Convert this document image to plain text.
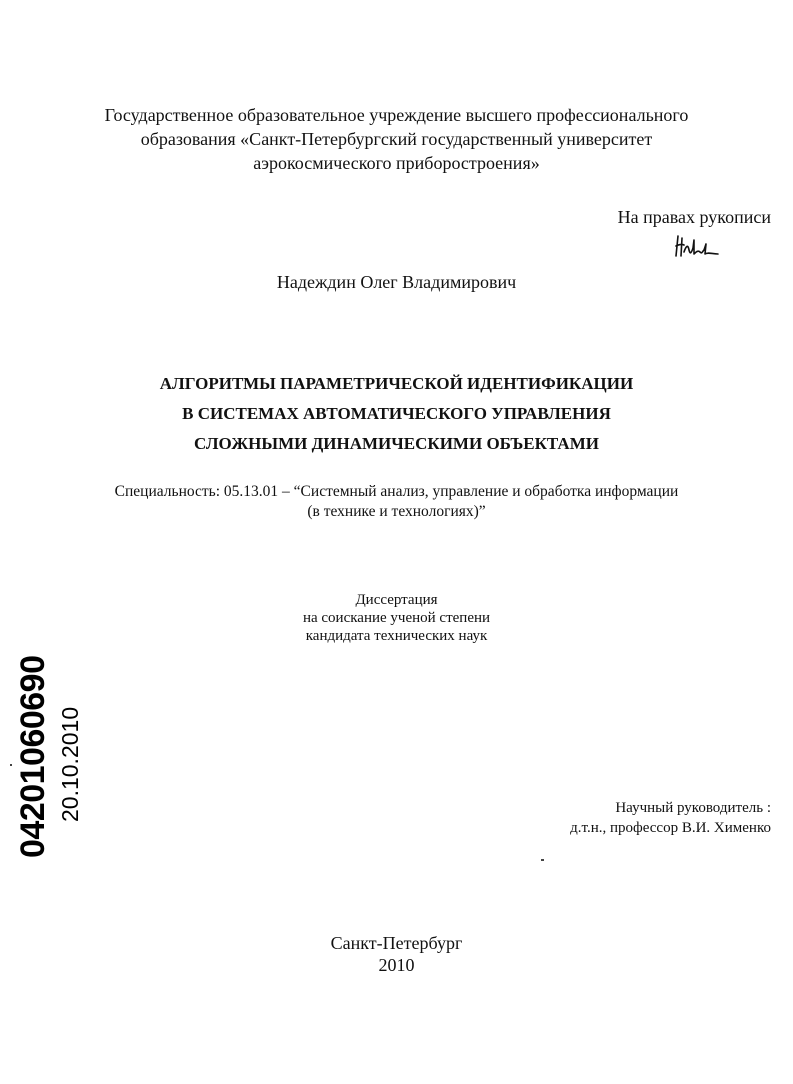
Государственное образовательное учреждение высшего профессионального
образования «Санкт-Петербургский государственный университет
аэрокосмического приборостроения»
На правах рукописи
Надеждин Олег Владимирович
АЛГОРИТМЫ ПАРАМЕТРИЧЕСКОЙ ИДЕНТИФИКАЦИИ
В СИСТЕМАХ АВТОМАТИЧЕСКОГО УПРАВЛЕНИЯ
СЛОЖНЫМИ ДИНАМИЧЕСКИМИ ОБЪЕКТАМИ
Специальность: 05.13.01 – “Системный анализ, управление и обработка информации
(в технике и технологиях)”
Диссертация
на соискание ученой степени
кандидата технических наук
04201060690 20.10.2010	Научный руководитель :
д.т.н., профессор В.И. Хименко
Санкт-Петербург
2010
